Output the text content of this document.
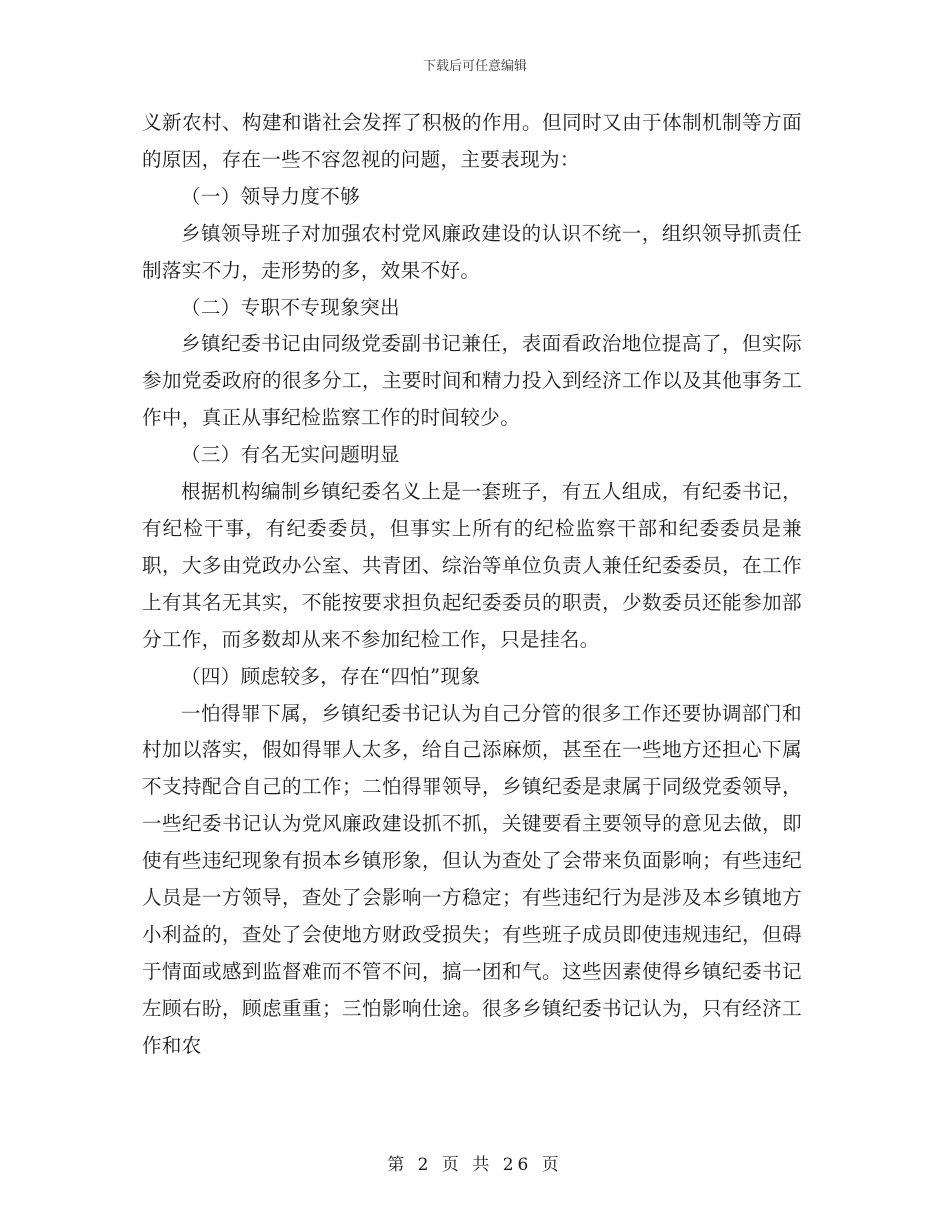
下载后可任意编辑

义新农村、构建和谐社会发挥了积极的作用。但同时又由于体制机制等方面的原因，存在一些不容忽视的问题，主要表现为：

（一）领导力度不够

乡镇领导班子对加强农村党风廉政建设的认识不统一，组织领导抓责任制落实不力，走形势的多，效果不好。

（二）专职不专现象突出

乡镇纪委书记由同级党委副书记兼任，表面看政治地位提高了，但实际参加党委政府的很多分工，主要时间和精力投入到经济工作以及其他事务工作中，真正从事纪检监察工作的时间较少。

（三）有名无实问题明显

根据机构编制乡镇纪委名义上是一套班子，有五人组成，有纪委书记，有纪检干事，有纪委委员，但事实上所有的纪检监察干部和纪委委员是兼职，大多由党政办公室、共青团、综治等单位负责人兼任纪委委员，在工作上有其名无其实，不能按要求担负起纪委委员的职责，少数委员还能参加部分工作，而多数却从来不参加纪检工作，只是挂名。

（四）顾虑较多，存在“四怕”现象

一怕得罪下属，乡镇纪委书记认为自己分管的很多工作还要协调部门和村加以落实，假如得罪人太多，给自己添麻烦，甚至在一些地方还担心下属不支持配合自己的工作；二怕得罪领导，乡镇纪委是隶属于同级党委领导，一些纪委书记认为党风廉政建设抓不抓，关键要看主要领导的意见去做，即使有些违纪现象有损本乡镇形象，但认为查处了会带来负面影响；有些违纪人员是一方领导，查处了会影响一方稳定；有些违纪行为是涉及本乡镇地方小利益的，查处了会使地方财政受损失；有些班子成员即使违规违纪，但碍于情面或感到监督难而不管不问，搞一团和气。这些因素使得乡镇纪委书记左顾右盼，顾虑重重；三怕影响仕途。很多乡镇纪委书记认为，只有经济工作和农

第 2 页 共 26 页
